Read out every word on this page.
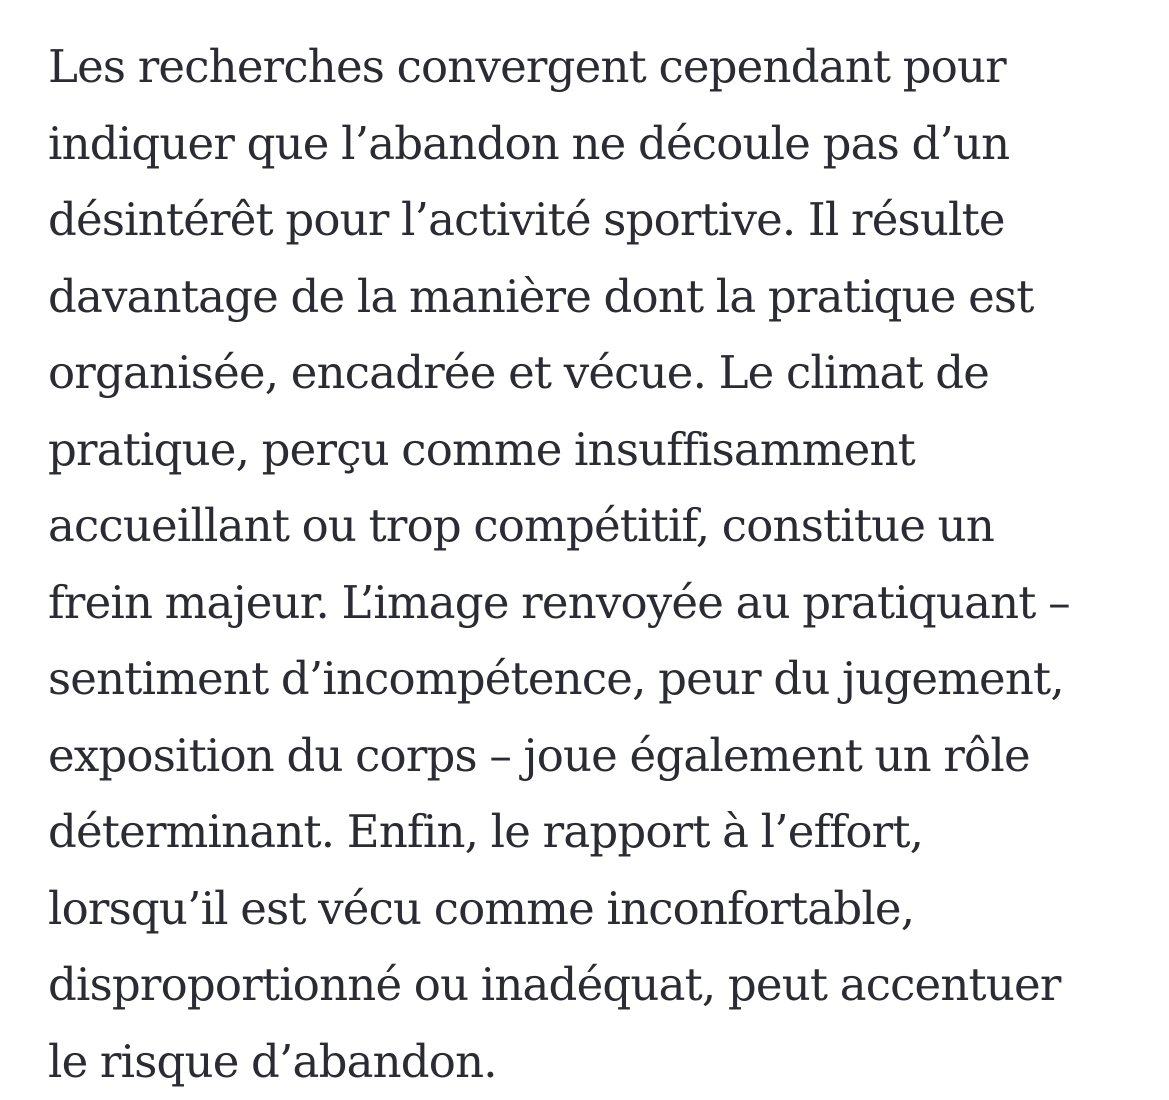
Les recherches convergent cependant pour
indiquer que l’abandon ne découle pas d’un
désintérêt pour l’activité sportive. Il résulte
davantage de la manière dont la pratique est
organisée, encadrée et vécue. Le climat de
pratique, perçu comme insuffisamment
accueillant ou trop compétitif, constitue un
frein majeur. L’image renvoyée au pratiquant –
sentiment d’incompétence, peur du jugement,
exposition du corps – joue également un rôle
déterminant. Enfin, le rapport à l’effort,
lorsqu’il est vécu comme inconfortable,
disproportionné ou inadéquat, peut accentuer
le risque d’abandon.
